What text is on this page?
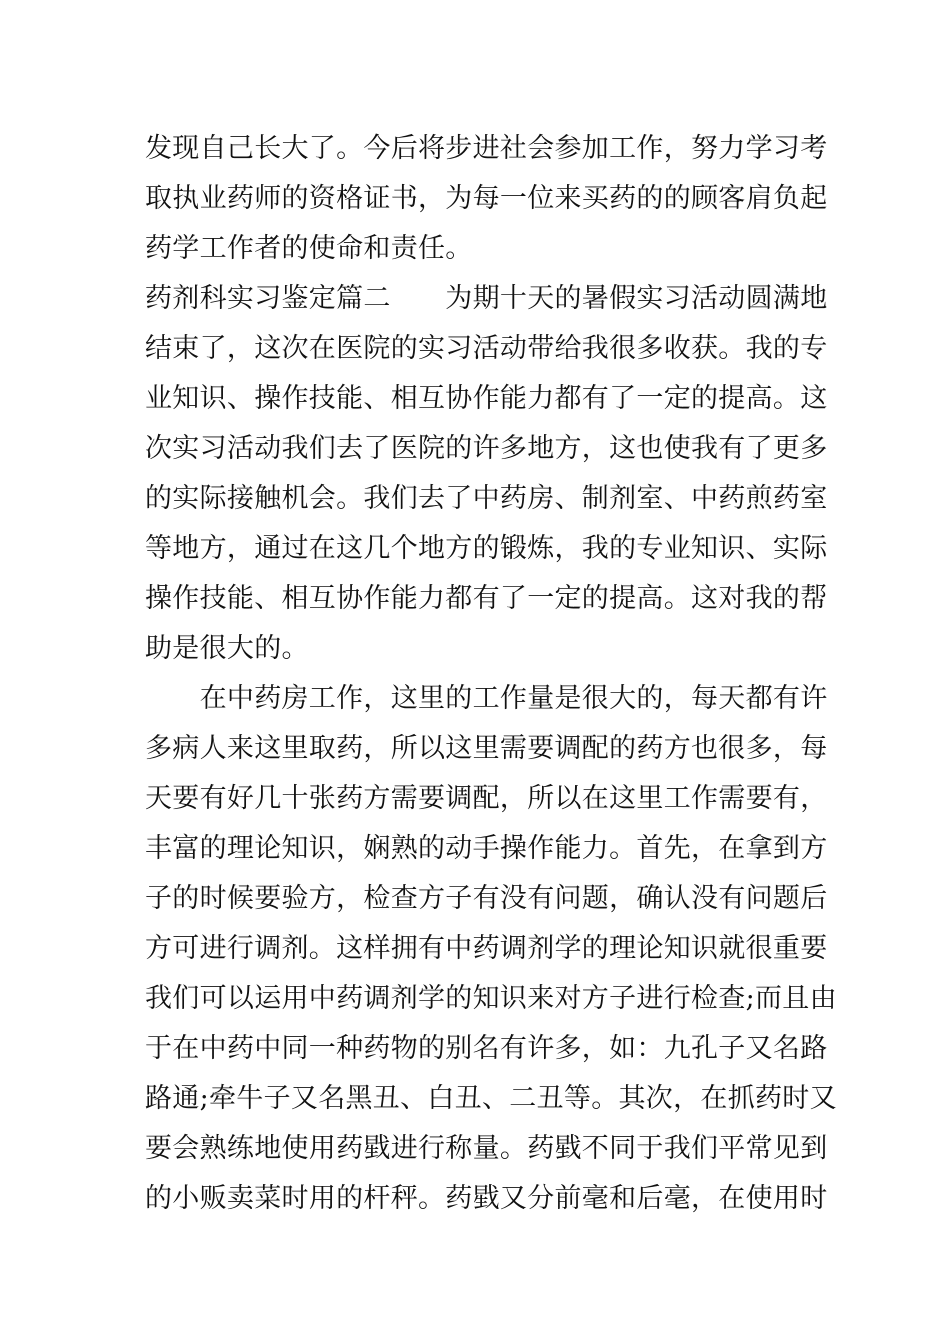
发现自己长大了。今后将步进社会参加工作，努力学习考
取执业药师的资格证书，为每一位来买药的的顾客肩负起
药学工作者的使命和责任。
药剂科实习鉴定篇二　　为期十天的暑假实习活动圆满地
结束了，这次在医院的实习活动带给我很多收获。我的专
业知识、操作技能、相互协作能力都有了一定的提高。这
次实习活动我们去了医院的许多地方，这也使我有了更多
的实际接触机会。我们去了中药房、制剂室、中药煎药室
等地方，通过在这几个地方的锻炼，我的专业知识、实际
操作技能、相互协作能力都有了一定的提高。这对我的帮
助是很大的。
　　在中药房工作，这里的工作量是很大的，每天都有许
多病人来这里取药，所以这里需要调配的药方也很多，每
天要有好几十张药方需要调配，所以在这里工作需要有，
丰富的理论知识，娴熟的动手操作能力。首先，在拿到方
子的时候要验方，检查方子有没有问题，确认没有问题后
方可进行调剂。这样拥有中药调剂学的理论知识就很重要
我们可以运用中药调剂学的知识来对方子进行检查;而且由
于在中药中同一种药物的别名有许多，如：九孔子又名路
路通;牵牛子又名黑丑、白丑、二丑等。其次，在抓药时又
要会熟练地使用药戥进行称量。药戥不同于我们平常见到
的小贩卖菜时用的杆秤。药戥又分前毫和后毫，在使用时
